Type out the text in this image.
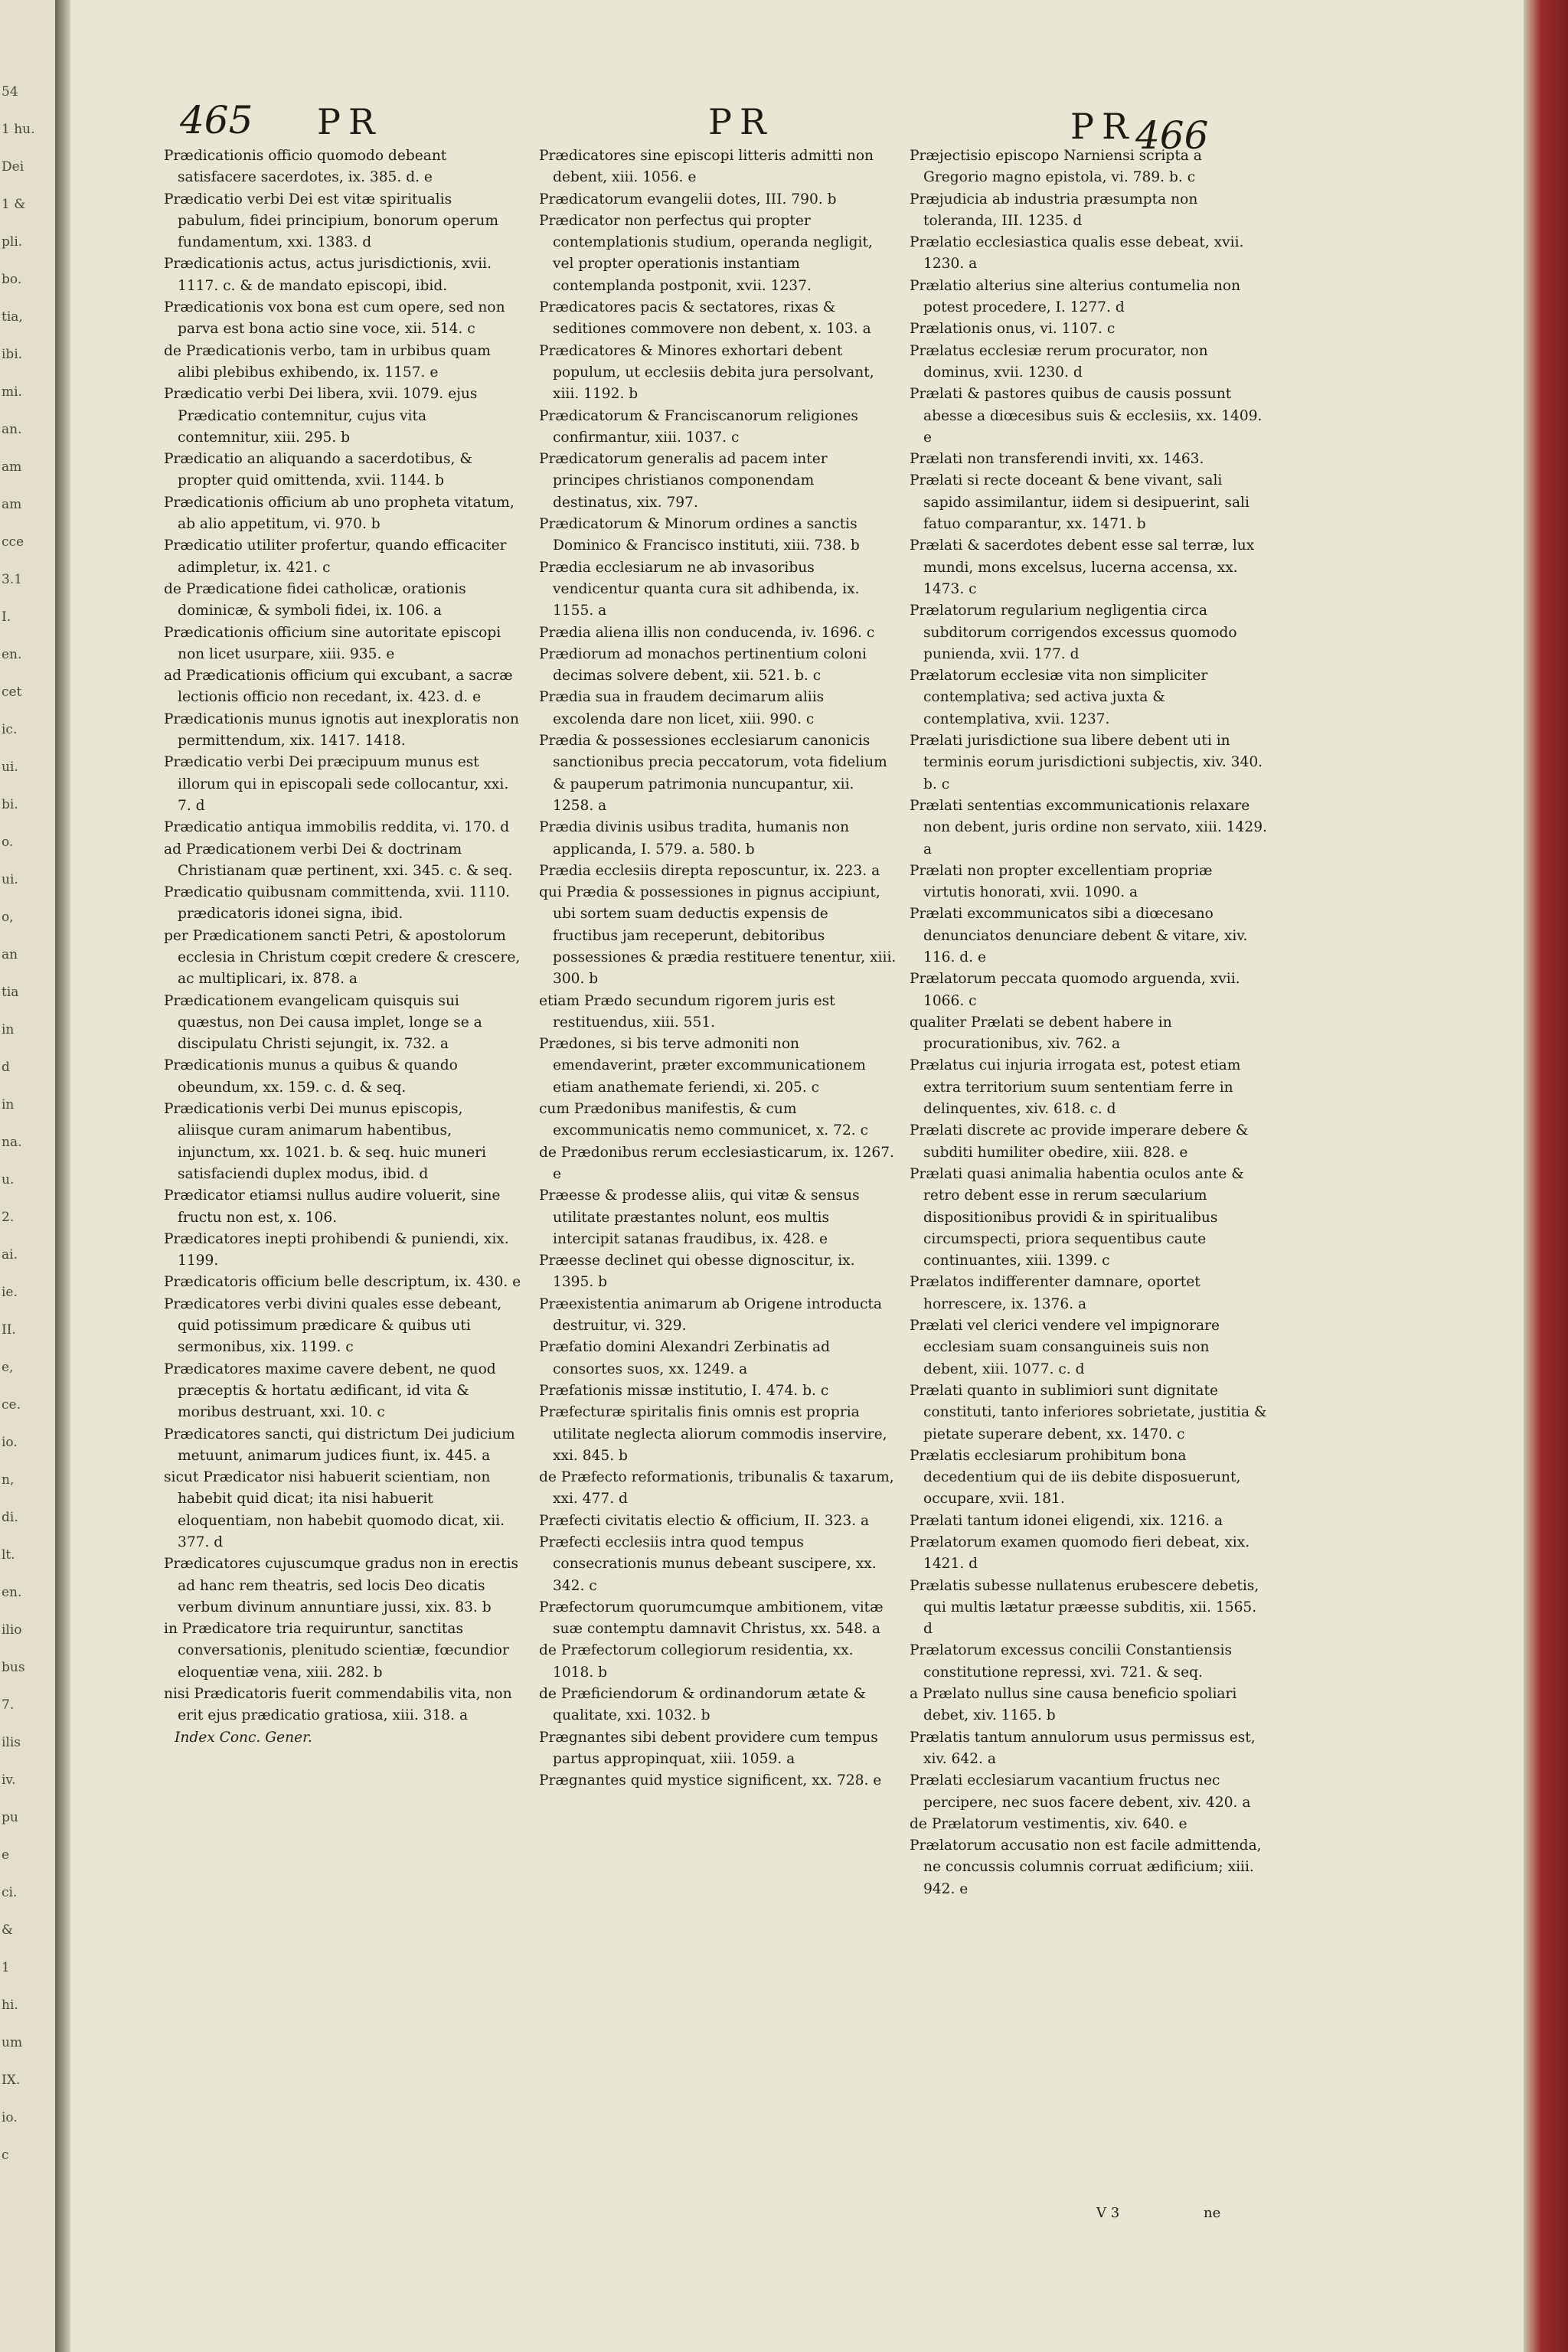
54
1 hu.
Dei
1 &
pli.
bo.
tia,
ibi.
mi.
an.
am
am
cce
3.1
I.
en.
cet
ic.
ui.
bi.
o.
ui.
o,
an
tia
in
d
in
na.
u.
2.
ai.
ie.
II.
e,
ce.
io.
n,
di.
lt.
en.
ilio
bus
7.
ilis
iv.
pu
e
ci.
&
1
hi.
um
IX.
io.
c
465 PR	PR	PR 466

Prædicationis officio quomodo debeant satisfacere sacerdotes, ix. 385. d. e

Prædicatio verbi Dei est vitæ spiritualis pabulum, fidei principium, bonorum operum fundamentum, xxi. 1383. d

Prædicationis actus, actus jurisdictionis, xvii. 1117. c. & de mandato episcopi, ibid.

Prædicationis vox bona est cum opere, sed non parva est bona actio sine voce, xii. 514. c

de Prædicationis verbo, tam in urbibus quam alibi plebibus exhibendo, ix. 1157. e

Prædicatio verbi Dei libera, xvii. 1079. ejus Prædicatio contemnitur, cujus vita contemnitur, xiii. 295. b

Prædicatio an aliquando a sacerdotibus, & propter quid omittenda, xvii. 1144. b

Prædicationis officium ab uno propheta vitatum, ab alio appetitum, vi. 970. b

Prædicatio utiliter profertur, quando efficaciter adimpletur, ix. 421. c

de Prædicatione fidei catholicæ, orationis dominicæ, & symboli fidei, ix. 106. a

Prædicationis officium sine autoritate episcopi non licet usurpare, xiii. 935. e

ad Prædicationis officium qui excubant, a sacræ lectionis officio non recedant, ix. 423. d. e

Prædicationis munus ignotis aut inexploratis non permittendum, xix. 1417. 1418.

Prædicatio verbi Dei præcipuum munus est illorum qui in episcopali sede collocantur, xxi. 7. d

Prædicatio antiqua immobilis reddita, vi. 170. d

ad Prædicationem verbi Dei & doctrinam Christianam quæ pertinent, xxi. 345. c. & seq.

Prædicatio quibusnam committenda, xvii. 1110. prædicatoris idonei signa, ibid.

per Prædicationem sancti Petri, & apostolorum ecclesia in Christum cœpit credere & crescere, ac multiplicari, ix. 878. a

Prædicationem evangelicam quisquis sui quæstus, non Dei causa implet, longe se a discipulatu Christi sejungit, ix. 732. a

Prædicationis munus a quibus & quando obeundum, xx. 159. c. d. & seq.

Prædicationis verbi Dei munus episcopis, aliisque curam animarum habentibus, injunctum, xx. 1021. b. & seq. huic muneri satisfaciendi duplex modus, ibid. d

Prædicator etiamsi nullus audire voluerit, sine fructu non est, x. 106.

Prædicatores inepti prohibendi & puniendi, xix. 1199.

Prædicatoris officium belle descriptum, ix. 430. e

Prædicatores verbi divini quales esse debeant, quid potissimum prædicare & quibus uti sermonibus, xix. 1199. c

Prædicatores maxime cavere debent, ne quod præceptis & hortatu ædificant, id vita & moribus destruant, xxi. 10. c

Prædicatores sancti, qui districtum Dei judicium metuunt, animarum judices fiunt, ix. 445. a

sicut Prædicator nisi habuerit scientiam, non habebit quid dicat; ita nisi habuerit eloquentiam, non habebit quomodo dicat, xii. 377. d

Prædicatores cujuscumque gradus non in erectis ad hanc rem theatris, sed locis Deo dicatis verbum divinum annuntiare jussi, xix. 83. b

in Prædicatore tria requiruntur, sanctitas conversationis, plenitudo scientiæ, fœcundior eloquentiæ vena, xiii. 282. b

nisi Prædicatoris fuerit commendabilis vita, non erit ejus prædicatio gratiosa, xiii. 318. a

Index Conc. Gener.

Prædicatores sine episcopi litteris admitti non debent, xiii. 1056. e

Prædicatorum evangelii dotes, III. 790. b

Prædicator non perfectus qui propter contemplationis studium, operanda negligit, vel propter operationis instantiam contemplanda postponit, xvii. 1237.

Prædicatores pacis & sectatores, rixas & seditiones commovere non debent, x. 103. a

Prædicatores & Minores exhortari debent populum, ut ecclesiis debita jura persolvant, xiii. 1192. b

Prædicatorum & Franciscanorum religiones confirmantur, xiii. 1037. c

Prædicatorum generalis ad pacem inter principes christianos componendam destinatus, xix. 797.

Prædicatorum & Minorum ordines a sanctis Dominico & Francisco instituti, xiii. 738. b

Prædia ecclesiarum ne ab invasoribus vendicentur quanta cura sit adhibenda, ix. 1155. a

Prædia aliena illis non conducenda, iv. 1696. c

Prædiorum ad monachos pertinentium coloni decimas solvere debent, xii. 521. b. c

Prædia sua in fraudem decimarum aliis excolenda dare non licet, xiii. 990. c

Prædia & possessiones ecclesiarum canonicis sanctionibus precia peccatorum, vota fidelium & pauperum patrimonia nuncupantur, xii. 1258. a

Prædia divinis usibus tradita, humanis non applicanda, I. 579. a. 580. b

Prædia ecclesiis direpta reposcuntur, ix. 223. a

qui Prædia & possessiones in pignus accipiunt, ubi sortem suam deductis expensis de fructibus jam receperunt, debitoribus possessiones & prædia restituere tenentur, xiii. 300. b

etiam Prædo secundum rigorem juris est restituendus, xiii. 551.

Prædones, si bis terve admoniti non emendaverint, præter excommunicationem etiam anathemate feriendi, xi. 205. c

cum Prædonibus manifestis, & cum excommunicatis nemo communicet, x. 72. c

de Prædonibus rerum ecclesiasticarum, ix. 1267. e

Præesse & prodesse aliis, qui vitæ & sensus utilitate præstantes nolunt, eos multis intercipit satanas fraudibus, ix. 428. e

Præesse declinet qui obesse dignoscitur, ix. 1395. b

Præexistentia animarum ab Origene introducta destruitur, vi. 329.

Præfatio domini Alexandri Zerbinatis ad consortes suos, xx. 1249. a

Præfationis missæ institutio, I. 474. b. c

Præfecturæ spiritalis finis omnis est propria utilitate neglecta aliorum commodis inservire, xxi. 845. b

de Præfecto reformationis, tribunalis & taxarum, xxi. 477. d

Præfecti civitatis electio & officium, II. 323. a

Præfecti ecclesiis intra quod tempus consecrationis munus debeant suscipere, xx. 342. c

Præfectorum quorumcumque ambitionem, vitæ suæ contemptu damnavit Christus, xx. 548. a

de Præfectorum collegiorum residentia, xx. 1018. b

de Præficiendorum & ordinandorum ætate & qualitate, xxi. 1032. b

Prægnantes sibi debent providere cum tempus partus appropinquat, xiii. 1059. a

Prægnantes quid mystice significent, xx. 728. e

Præjectisio episcopo Narniensi scripta a Gregorio magno epistola, vi. 789. b. c

Præjudicia ab industria præsumpta non toleranda, III. 1235. d

Prælatio ecclesiastica qualis esse debeat, xvii. 1230. a

Prælatio alterius sine alterius contumelia non potest procedere, I. 1277. d

Prælationis onus, vi. 1107. c

Prælatus ecclesiæ rerum procurator, non dominus, xvii. 1230. d

Prælati & pastores quibus de causis possunt abesse a diœcesibus suis & ecclesiis, xx. 1409. e

Prælati non transferendi inviti, xx. 1463.

Prælati si recte doceant & bene vivant, sali sapido assimilantur, iidem si desipuerint, sali fatuo comparantur, xx. 1471. b

Prælati & sacerdotes debent esse sal terræ, lux mundi, mons excelsus, lucerna accensa, xx. 1473. c

Prælatorum regularium negligentia circa subditorum corrigendos excessus quomodo punienda, xvii. 177. d

Prælatorum ecclesiæ vita non simpliciter contemplativa; sed activa juxta & contemplativa, xvii. 1237.

Prælati jurisdictione sua libere debent uti in terminis eorum jurisdictioni subjectis, xiv. 340. b. c

Prælati sententias excommunicationis relaxare non debent, juris ordine non servato, xiii. 1429. a

Prælati non propter excellentiam propriæ virtutis honorati, xvii. 1090. a

Prælati excommunicatos sibi a diœcesano denunciatos denunciare debent & vitare, xiv. 116. d. e

Prælatorum peccata quomodo arguenda, xvii. 1066. c

qualiter Prælati se debent habere in procurationibus, xiv. 762. a

Prælatus cui injuria irrogata est, potest etiam extra territorium suum sententiam ferre in delinquentes, xiv. 618. c. d

Prælati discrete ac provide imperare debere & subditi humiliter obedire, xiii. 828. e

Prælati quasi animalia habentia oculos ante & retro debent esse in rerum sæcularium dispositionibus providi & in spiritualibus circumspecti, priora sequentibus caute continuantes, xiii. 1399. c

Prælatos indifferenter damnare, oportet horrescere, ix. 1376. a

Prælati vel clerici vendere vel impignorare ecclesiam suam consanguineis suis non debent, xiii. 1077. c. d

Prælati quanto in sublimiori sunt dignitate constituti, tanto inferiores sobrietate, justitia & pietate superare debent, xx. 1470. c

Prælatis ecclesiarum prohibitum bona decedentium qui de iis debite disposuerunt, occupare, xvii. 181.

Prælati tantum idonei eligendi, xix. 1216. a

Prælatorum examen quomodo fieri debeat, xix. 1421. d

Prælatis subesse nullatenus erubescere debetis, qui multis lætatur præesse subditis, xii. 1565. d

Prælatorum excessus concilii Constantiensis constitutione repressi, xvi. 721. & seq.

a Prælato nullus sine causa beneficio spoliari debet, xiv. 1165. b

Prælatis tantum annulorum usus permissus est, xiv. 642. a

Prælati ecclesiarum vacantium fructus nec percipere, nec suos facere debent, xiv. 420. a

de Prælatorum vestimentis, xiv. 640. e

Prælatorum accusatio non est facile admittenda, ne concussis columnis corruat ædificium; xiii. 942. e

V 3	ne
